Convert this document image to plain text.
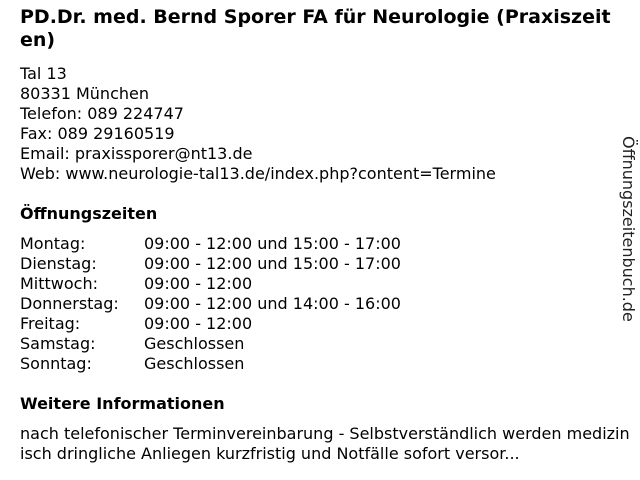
PD.Dr. med. Bernd Sporer FA für Neurologie (Praxiszeiten)
Tal 13
80331 München
Telefon: 089 224747
Fax: 089 29160519
Email: praxissporer@nt13.de
Web: www.neurologie-tal13.de/index.php?content=Termine
Öffnungszeiten
Montag:	09:00 - 12:00 und 15:00 - 17:00
Dienstag:	09:00 - 12:00 und 15:00 - 17:00
Mittwoch:	09:00 - 12:00
Donnerstag:	09:00 - 12:00 und 14:00 - 16:00
Freitag:	09:00 - 12:00
Samstag:	Geschlossen
Sonntag:	Geschlossen
Weitere Informationen
nach telefonischer Terminvereinbarung - Selbstverständlich werden medizinisch dringliche Anliegen kurzfristig und Notfälle sofort versor...
Öffnungszeitenbuch.de
